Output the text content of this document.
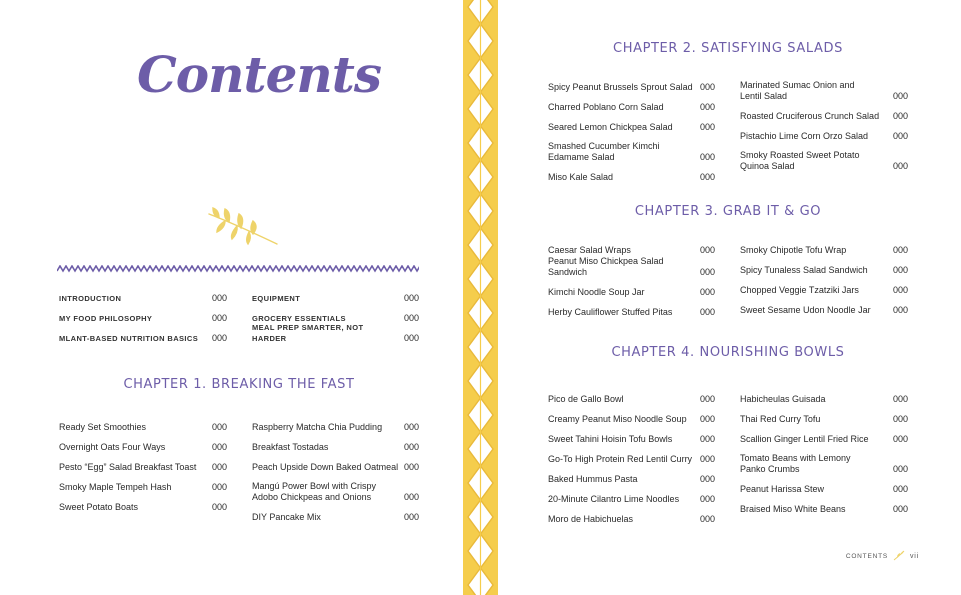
Contents
INTRODUCTION	000
MY FOOD PHILOSOPHY	000
MLANT-BASED NUTRITION BASICS	000
EQUIPMENT	000
GROCERY ESSENTIALS	000
MEAL PREP SMARTER, NOT HARDER	000
CHAPTER 1. BREAKING THE FAST
Ready Set Smoothies	000
Overnight Oats Four Ways	000
Pesto “Egg” Salad Breakfast Toast	000
Smoky Maple Tempeh Hash	000
Sweet Potato Boats	000
Raspberry Matcha Chia Pudding	000
Breakfast Tostadas	000
Peach Upside Down Baked Oatmeal 000
Mangú Power Bowl with Crispy Adobo Chickpeas and Onions	000
DIY Pancake Mix	000
CHAPTER 2. SATISFYING SALADS
Spicy Peanut Brussels Sprout Salad 000
Charred Poblano Corn Salad	000
Seared Lemon Chickpea Salad	000
Smashed Cucumber Kimchi Edamame Salad	000
Miso Kale Salad	000
Marinated Sumac Onion and Lentil Salad	000
Roasted Cruciferous Crunch Salad	000
Pistachio Lime Corn Orzo Salad	000
Smoky Roasted Sweet Potato Quinoa Salad	000
CHAPTER 3. GRAB IT & GO
Caesar Salad Wraps	000
Peanut Miso Chickpea Salad Sandwich	000
Kimchi Noodle Soup Jar	000
Herby Cauliflower Stuffed Pitas	000
Smoky Chipotle Tofu Wrap	000
Spicy Tunaless Salad Sandwich	000
Chopped Veggie Tzatziki Jars	000
Sweet Sesame Udon Noodle Jar	000
CHAPTER 4. NOURISHING BOWLS
Pico de Gallo Bowl	000
Creamy Peanut Miso Noodle Soup	000
Sweet Tahini Hoisin Tofu Bowls	000
Go-To High Protein Red Lentil Curry 000
Baked Hummus Pasta	000
20-Minute Cilantro Lime Noodles	000
Moro de Habichuelas	000
Habicheulas Guisada	000
Thai Red Curry Tofu	000
Scallion Ginger Lentil Fried Rice	000
Tomato Beans with Lemony Panko Crumbs	000
Peanut Harissa Stew	000
Braised Miso White Beans	000
CONTENTS	vii
